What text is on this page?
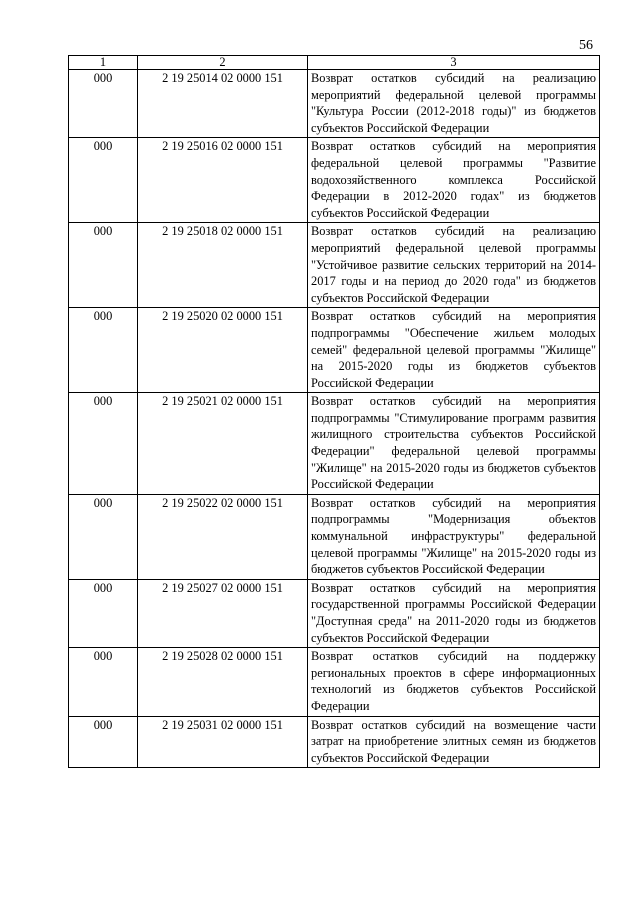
56
1	2	3
000	2 19 25014 02 0000 151	Возврат остатков субсидий на реализацию мероприятий федеральной целевой программы "Культура России (2012-2018 годы)" из бюджетов субъектов Российской Федерации
000	2 19 25016 02 0000 151	Возврат остатков субсидий на мероприятия федеральной целевой программы "Развитие водохозяйственного комплекса Российской Федерации в 2012-2020 годах" из бюджетов субъектов Российской Федерации
000	2 19 25018 02 0000 151	Возврат остатков субсидий на реализацию мероприятий федеральной целевой программы "Устойчивое развитие сельских территорий на 2014-2017 годы и на период до 2020 года" из бюджетов субъектов Российской Федерации
000	2 19 25020 02 0000 151	Возврат остатков субсидий на мероприятия подпрограммы "Обеспечение жильем молодых семей" федеральной целевой программы "Жилище" на 2015-2020 годы из бюджетов субъектов Российской Федерации
000	2 19 25021 02 0000 151	Возврат остатков субсидий на мероприятия подпрограммы "Стимулирование программ развития жилищного строительства субъектов Российской Федерации" федеральной целевой программы "Жилище" на 2015-2020 годы из бюджетов субъектов Российской Федерации
000	2 19 25022 02 0000 151	Возврат остатков субсидий на мероприятия подпрограммы "Модернизация объектов коммунальной инфраструктуры" федеральной целевой программы "Жилище" на 2015-2020 годы из бюджетов субъектов Российской Федерации
000	2 19 25027 02 0000 151	Возврат остатков субсидий на мероприятия государственной программы Российской Федерации "Доступная среда" на 2011-2020 годы из бюджетов субъектов Российской Федерации
000	2 19 25028 02 0000 151	Возврат остатков субсидий на поддержку региональных проектов в сфере информационных технологий из бюджетов субъектов Российской Федерации
000	2 19 25031 02 0000 151	Возврат остатков субсидий на возмещение части затрат на приобретение элитных семян из бюджетов субъектов Российской Федерации
